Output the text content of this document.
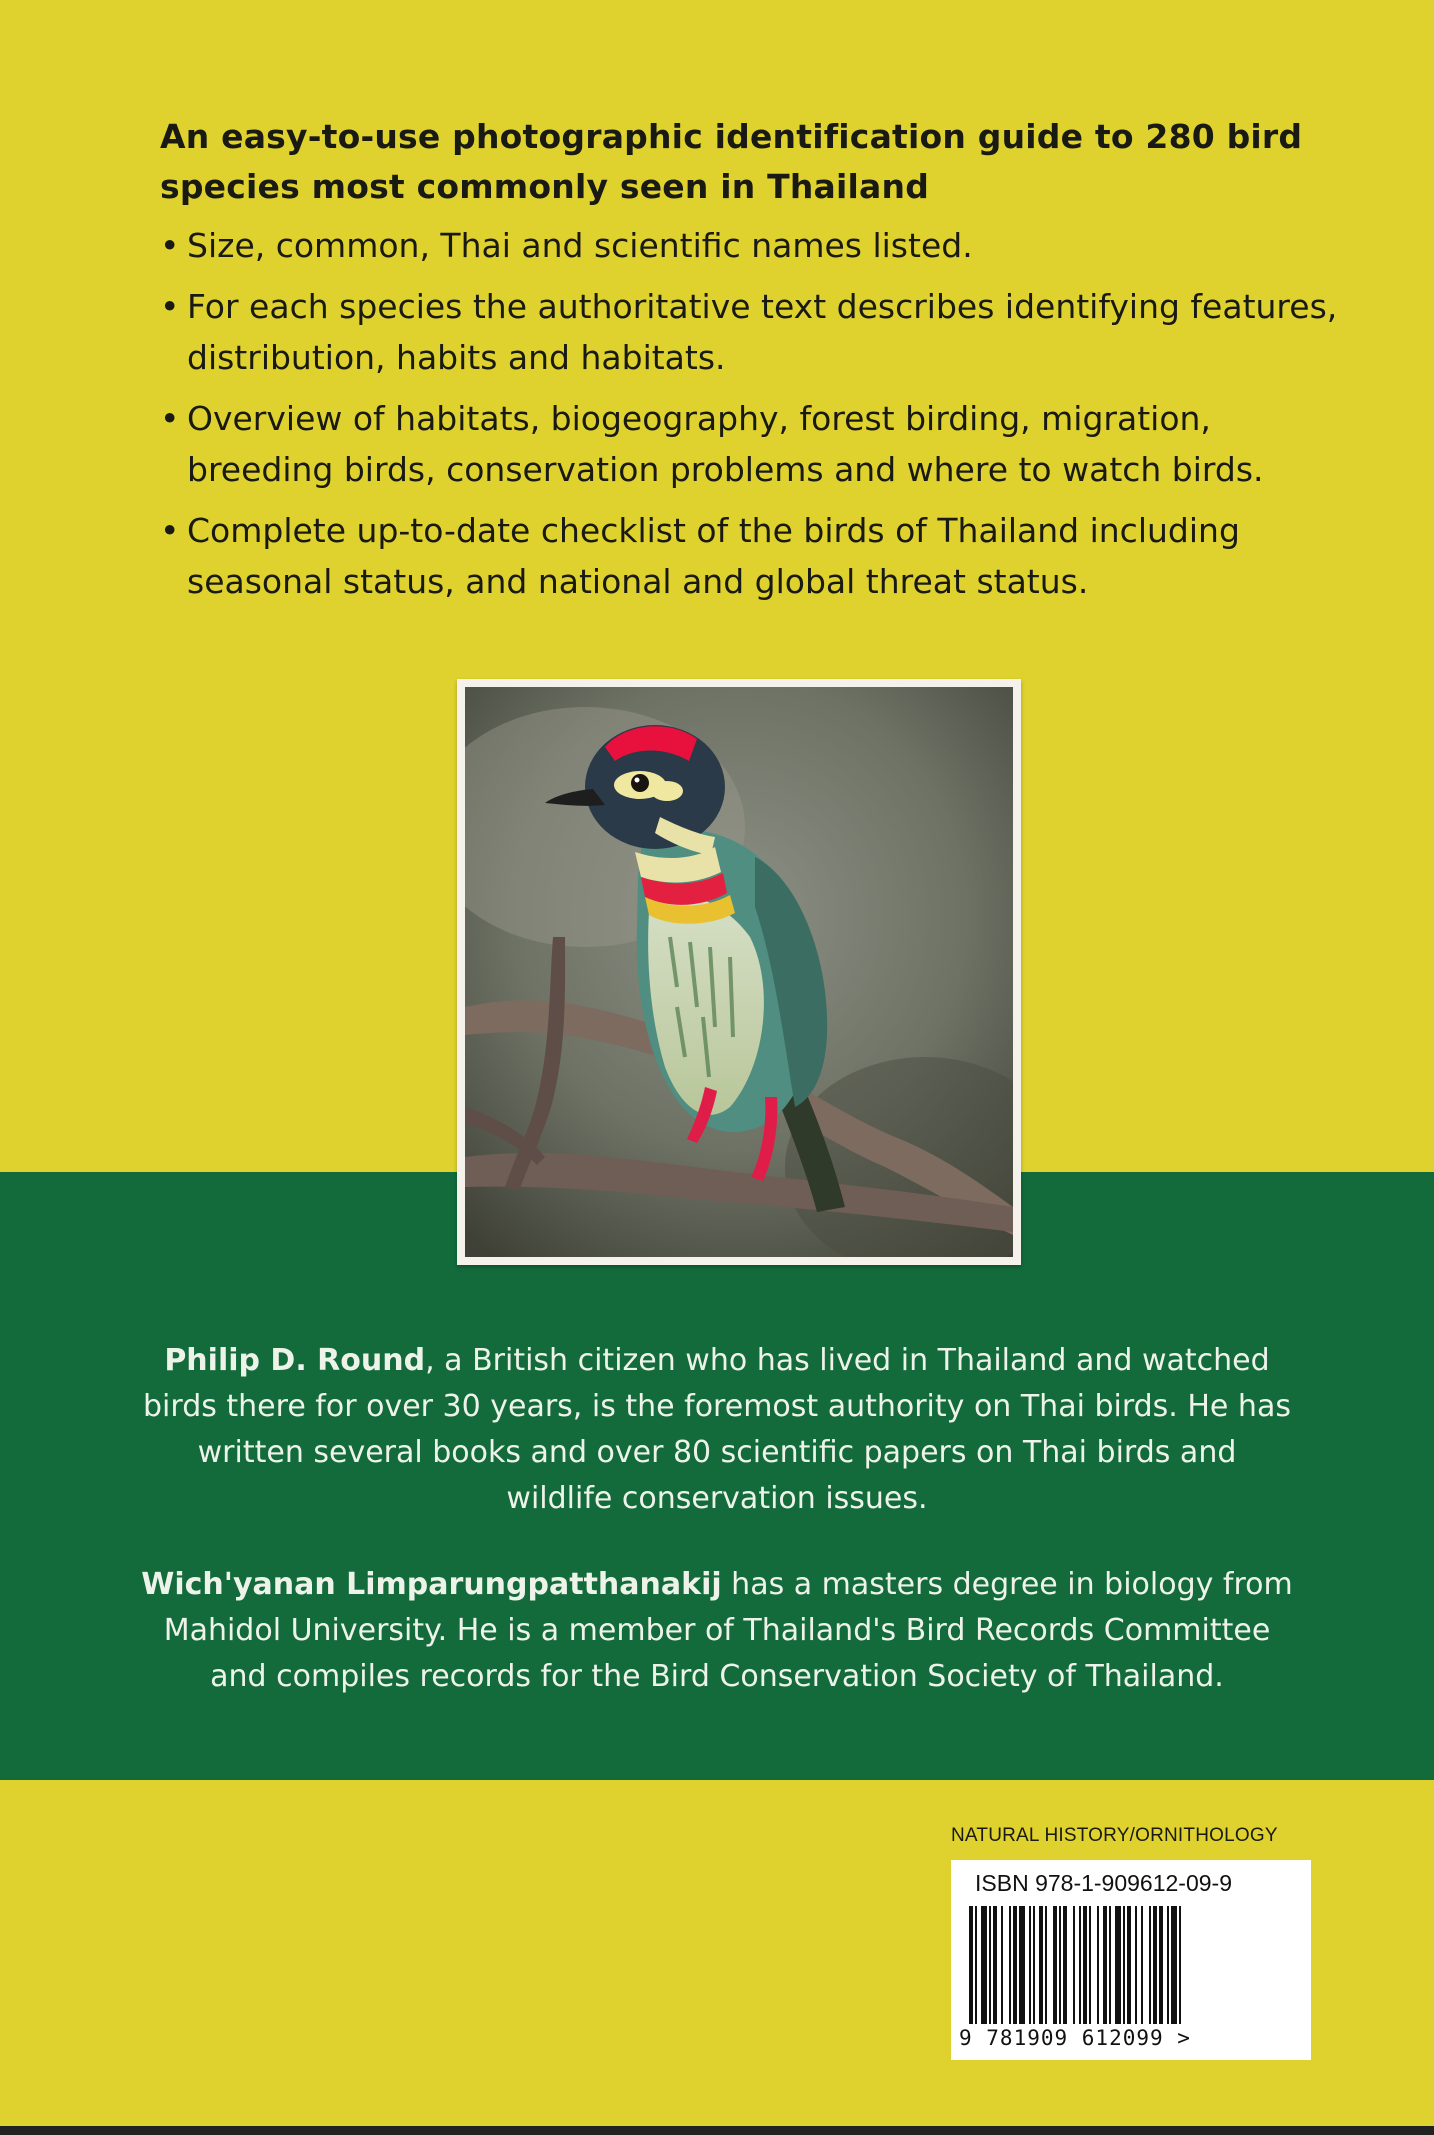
An easy-to-use photographic identification guide to 280 bird species most commonly seen in Thailand
• Size, common, Thai and scientific names listed.
• For each species the authoritative text describes identifying features, distribution, habits and habitats.
• Overview of habitats, biogeography, forest birding, migration, breeding birds, conservation problems and where to watch birds.
• Complete up-to-date checklist of the birds of Thailand including seasonal status, and national and global threat status.

Philip D. Round, a British citizen who has lived in Thailand and watched birds there for over 30 years, is the foremost authority on Thai birds. He has written several books and over 80 scientific papers on Thai birds and wildlife conservation issues.

Wich'yanan Limparungpatthanakij has a masters degree in biology from Mahidol University. He is a member of Thailand's Bird Records Committee and compiles records for the Bird Conservation Society of Thailand.

NATURAL HISTORY/ORNITHOLOGY
ISBN 978-1-909612-09-9
9 781909 612099 >
